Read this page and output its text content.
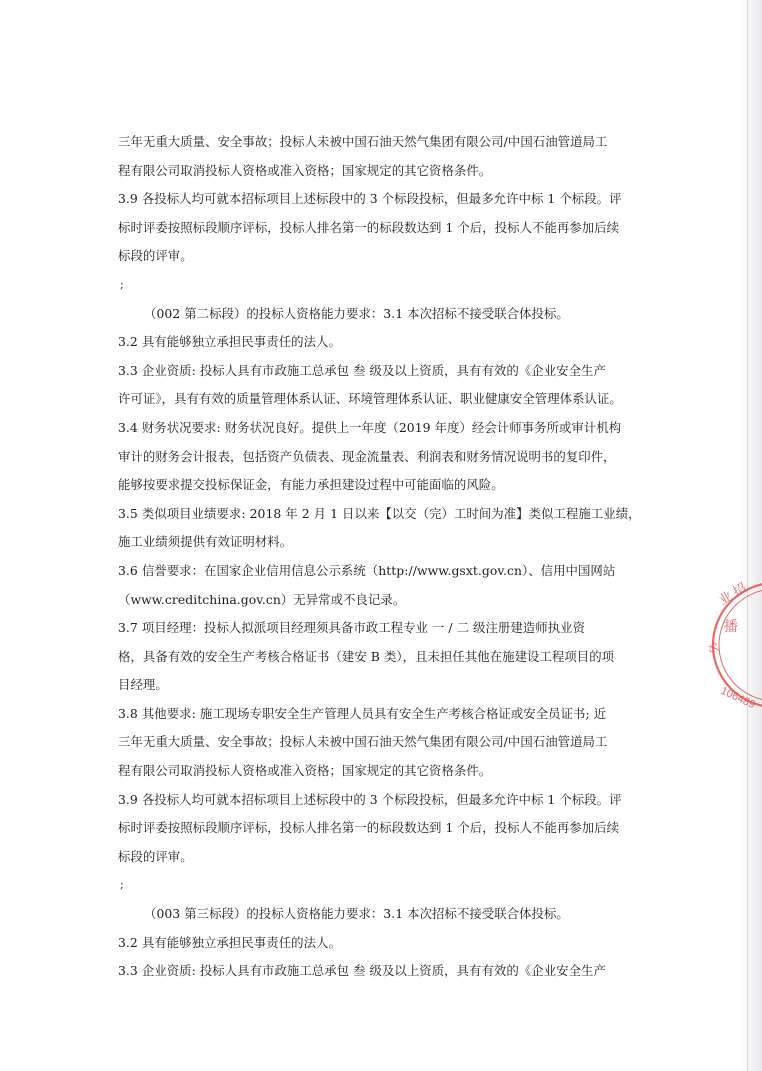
三年无重大质量、安全事故；投标人未被中国石油天然气集团有限公司/中国石油管道局工
程有限公司取消投标人资格或准入资格；国家规定的其它资格条件。
3.9 各投标人均可就本招标项目上述标段中的 3 个标段投标，但最多允许中标 1 个标段。评
标时评委按照标段顺序评标，投标人排名第一的标段数达到 1 个后，投标人不能再参加后续
标段的评审。
;
（002 第二标段）的投标人资格能力要求：3.1 本次招标不接受联合体投标。
3.2 具有能够独立承担民事责任的法人。
3.3 企业资质: 投标人具有市政施工总承包 叁 级及以上资质，具有有效的《企业安全生产
许可证》，具有有效的质量管理体系认证、环境管理体系认证、职业健康安全管理体系认证。
3.4 财务状况要求: 财务状况良好。提供上一年度（2019 年度）经会计师事务所或审计机构
审计的财务会计报表，包括资产负债表、现金流量表、利润表和财务情况说明书的复印件，
能够按要求提交投标保证金，有能力承担建设过程中可能面临的风险。
3.5 类似项目业绩要求: 2018 年 2 月 1 日以来【以交（完）工时间为准】类似工程施工业绩，
施工业绩须提供有效证明材料。
3.6 信誉要求：在国家企业信用信息公示系统（http://www.gsxt.gov.cn）、信用中国网站
（www.creditchina.gov.cn）无异常或不良记录。
3.7 项目经理：投标人拟派项目经理须具备市政工程专业 一 / 二 级注册建造师执业资
格，具备有效的安全生产考核合格证书（建安 B 类），且未担任其他在施建设工程项目的项
目经理。
3.8 其他要求: 施工现场专职安全生产管理人员具有安全生产考核合格证或安全员证书; 近
三年无重大质量、安全事故；投标人未被中国石油天然气集团有限公司/中国石油管道局工
程有限公司取消投标人资格或准入资格；国家规定的其它资格条件。
3.9 各投标人均可就本招标项目上述标段中的 3 个标段投标，但最多允许中标 1 个标段。评
标时评委按照标段顺序评标，投标人排名第一的标段数达到 1 个后，投标人不能再参加后续
标段的评审。
;
（003 第三标段）的投标人资格能力要求：3.1 本次招标不接受联合体投标。
3.2 具有能够独立承担民事责任的法人。
3.3 企业资质: 投标人具有市政施工总承包 叁 级及以上资质，具有有效的《企业安全生产
业 招
播
中
106489
